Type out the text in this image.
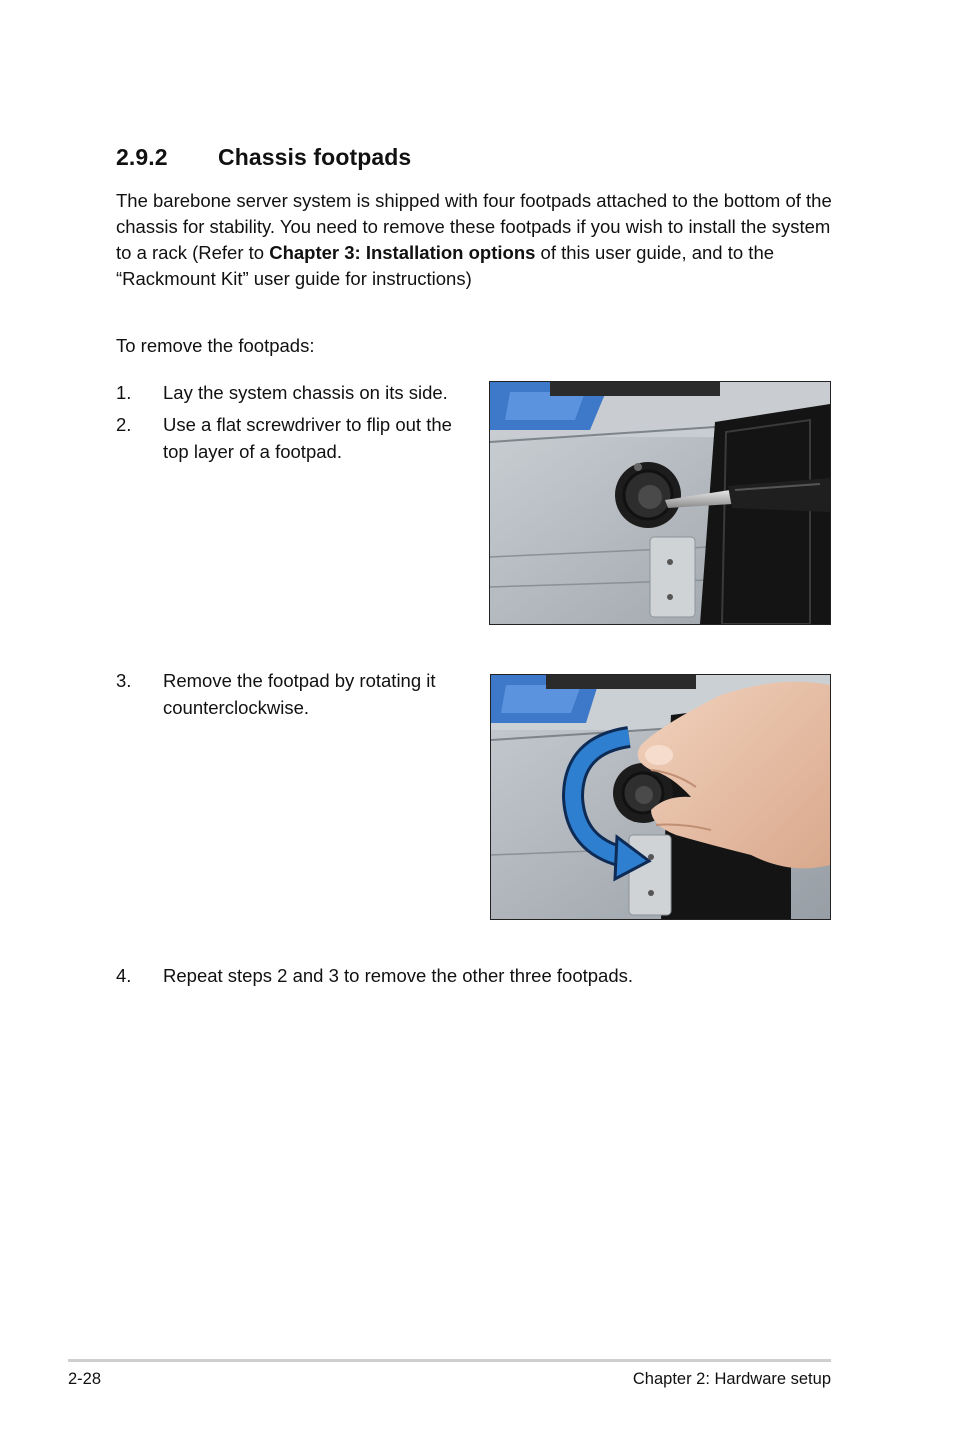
2.9.2 Chassis footpads
The barebone server system is shipped with four footpads attached to the bottom of the chassis for stability. You need to remove these footpads if you wish to install the system to a rack (Refer to Chapter 3: Installation options of this user guide, and to the “Rackmount Kit” user guide for instructions)
To remove the footpads:
1. Lay the system chassis on its side.
2. Use a flat screwdriver to flip out the
top layer of a footpad.
3. Remove the footpad by rotating it
counterclockwise.
4. Repeat steps 2 and 3 to remove the other three footpads.
2-28	Chapter 2: Hardware setup
